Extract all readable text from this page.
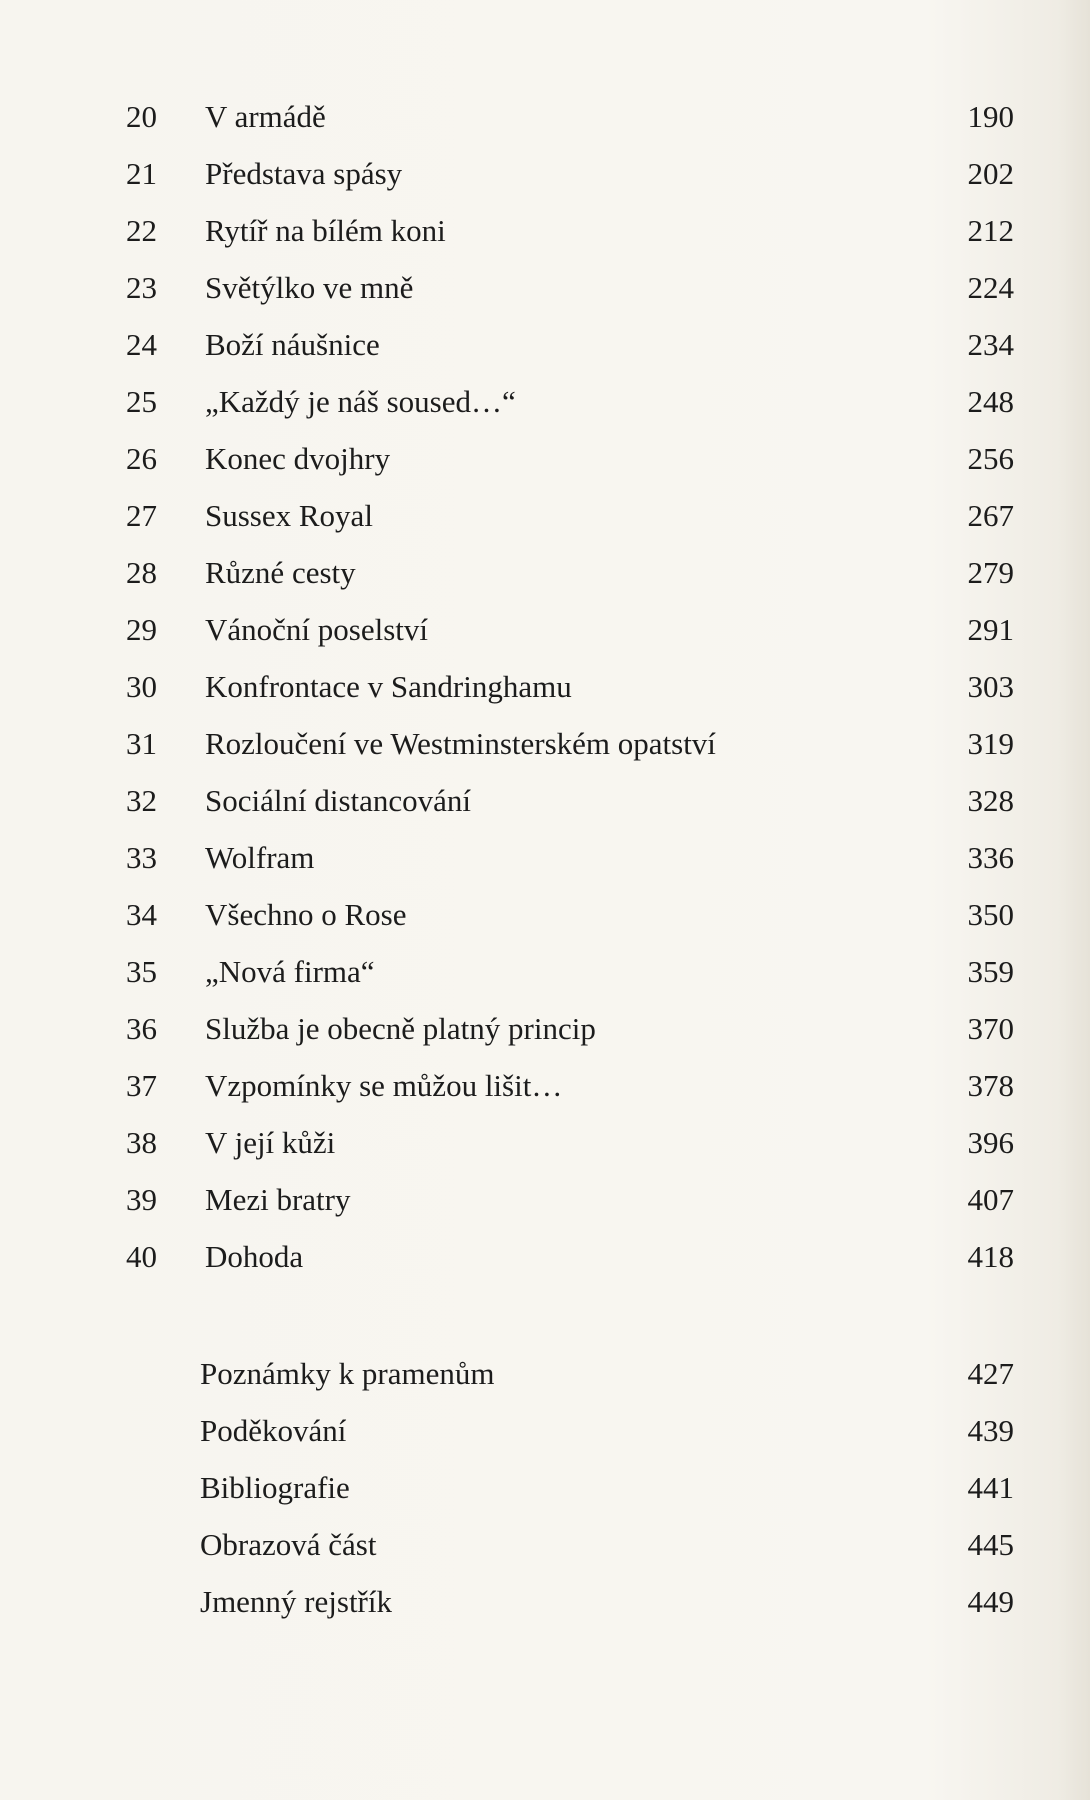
20	V armádě	190
21	Představa spásy	202
22	Rytíř na bílém koni	212
23	Světýlko ve mně	224
24	Boží náušnice	234
25	„Každý je náš soused…“	248
26	Konec dvojhry	256
27	Sussex Royal	267
28	Různé cesty	279
29	Vánoční poselství	291
30	Konfrontace v Sandringhamu	303
31	Rozloučení ve Westminsterském opatství	319
32	Sociální distancování	328
33	Wolfram	336
34	Všechno o Rose	350
35	„Nová firma“	359
36	Služba je obecně platný princip	370
37	Vzpomínky se můžou lišit…	378
38	V její kůži	396
39	Mezi bratry	407
40	Dohoda	418
Poznámky k pramenům	427
Poděkování	439
Bibliografie	441
Obrazová část	445
Jmenný rejstřík	449
